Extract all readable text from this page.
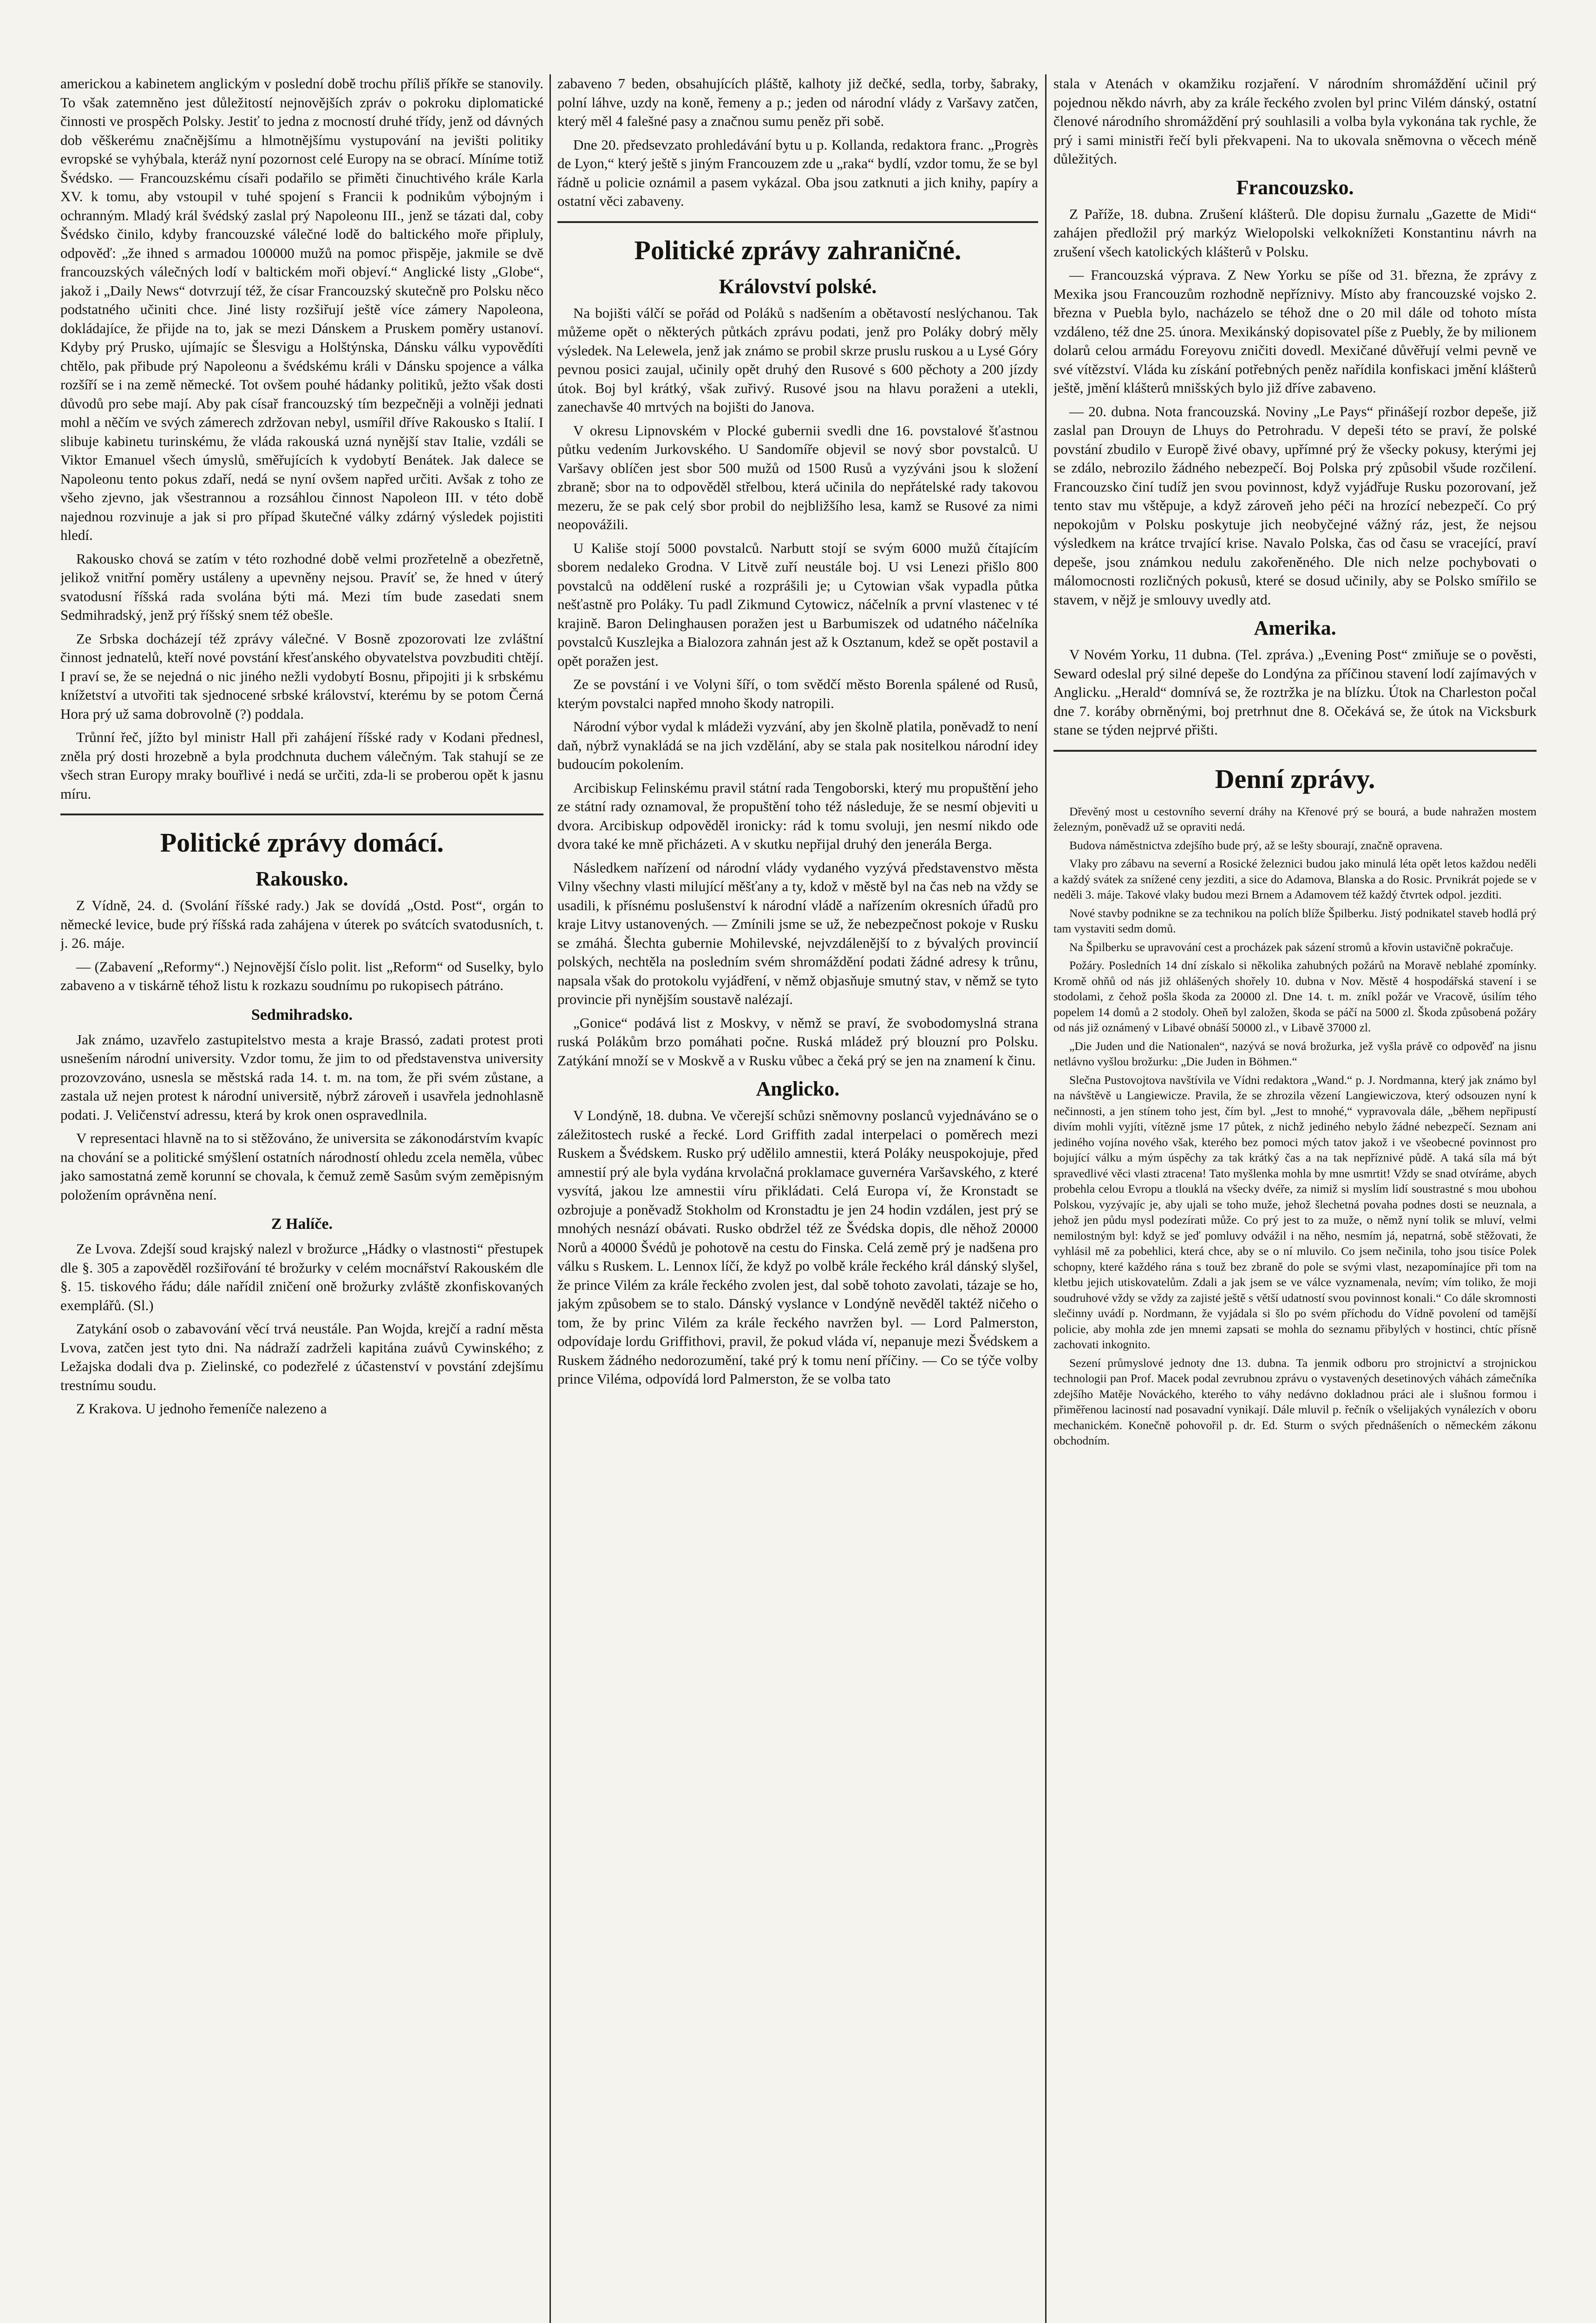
americkou a kabinetem anglickým v poslední době trochu příliš příkře se stanovily. To však zatemněno jest důležitostí nejnovějších zpráv o pokroku diplomatické činnosti ve prospěch Polsky. Jestiť to jedna z mocností druhé třídy, jenž od dávných dob věškerému značnějšímu a hlmotnějšímu vystupování na jevišti politiky evropské se vyhýbala, kteráž nyní pozornost celé Europy na se obrací. Míníme totiž Švédsko. — Francouzskému císaři podařilo se přiměti činuchtivého krále Karla XV. k tomu, aby vstoupil v tuhé spojení s Francii k podnikům výbojným i ochranným. Mladý král švédský zaslal prý Napoleonu III., jenž se tázati dal, coby Švédsko činilo, kdyby francouzské válečné lodě do baltického moře připluly, odpověď: „že ihned s armadou 100000 mužů na pomoc přispěje, jakmile se dvě francouzských válečných lodí v baltickém moři objeví.“ Anglické listy „Globe“, jakož i „Daily News“ dotvrzují též, že císar Francouzský skutečně pro Polsku něco podstatného učiniti chce. Jiné listy rozšiřují ještě více zámery Napoleona, dokládajíce, že přijde na to, jak se mezi Dánskem a Pruskem poměry ustanoví. Kdyby prý Prusko, ujímajíc se Šlesvigu a Holštýnska, Dánsku válku vypovědíti chtělo, pak přibude prý Napoleonu a švédskému králi v Dánsku spojence a válka rozšíří se i na země německé. Tot ovšem pouhé hádanky politiků, ježto však dosti důvodů pro sebe mají. Aby pak císař francouzský tím bezpečněji a volněji jednati mohl a něčím ve svých zámerech zdržovan nebyl, usmířil dříve Rakousko s Italií. I slibuje kabinetu turinskému, že vláda rakouská uzná nynější stav Italie, vzdáli se Viktor Emanuel všech úmyslů, směřujících k vydobytí Benátek. Jak dalece se Napoleonu tento pokus zdaří, nedá se nyní ovšem napřed určiti. Avšak z toho ze všeho zjevno, jak všestrannou a rozsáhlou činnost Napoleon III. v této době najednou rozvinuje a jak si pro případ škutečné války zdárný výsledek pojistiti hledí.

Rakousko chová se zatím v této rozhodné době velmi prozřetelně a obezřetně, jelikož vnitřní poměry ustáleny a upevněny nejsou. Pravíť se, že hned v úterý svatodusní říšská rada svolána býti má. Mezi tím bude zasedati snem Sedmihradský, jenž prý říšský snem též obešle.

Ze Srbska docházejí též zprávy válečné. V Bosně zpozorovati lze zvláštní činnost jednatelů, kteří nové povstání křesťanského obyvatelstva povzbuditi chtějí. I praví se, že se nejedná o nic jiného nežli vydobytí Bosnu, připojiti ji k srbskému knížetství a utvořiti tak sjednocené srbské království, kterému by se potom Černá Hora prý už sama dobrovolně (?) poddala.

Trůnní řeč, jížto byl ministr Hall při zahájení říšské rady v Kodani přednesl, zněla prý dosti hrozebně a byla prodchnuta duchem válečným. Tak stahují se ze všech stran Europy mraky bouřlivé i nedá se určiti, zda-li se proberou opět k jasnu míru.

Politické zprávy domácí.
Rakousko.

Z Vídně, 24. d. (Svolání říšské rady.) Jak se dovídá „Ostd. Post“, orgán to německé levice, bude prý říšská rada zahájena v úterek po svátcích svatodusních, t. j. 26. máje.

— (Zabavení „Reformy“.) Nejnovější číslo polit. list „Reform“ od Suselky, bylo zabaveno a v tiskárně téhož listu k rozkazu soudnímu po rukopisech pátráno.

Sedmihradsko.

Jak známo, uzavřelo zastupitelstvo mesta a kraje Brassó, zadati protest proti usnešením národní university. Vzdor tomu, že jim to od představenstva university prozovzováno, usnesla se městská rada 14. t. m. na tom, že při svém zůstane, a zastala už nejen protest k národní universitě, nýbrž zároveň i usavřela jednohlasně podati. J. Veličenství adressu, která by krok onen ospravedlnila.

V representaci hlavně na to si stěžováno, že universita se zákonodárstvím kvapíc na chování se a politické smýšlení ostatních národností ohledu zcela neměla, vůbec jako samostatná země korunní se chovala, k čemuž země Sasům svým zeměpisným položením oprávněna není.

Z Halíče.

Ze Lvova. Zdejší soud krajský nalezl v brožurce „Hádky o vlastnosti“ přestupek dle §. 305 a zapověděl rozšiřování té brožurky v celém mocnářství Rakouském dle §. 15. tiskového řádu; dále nařídil zničení oně brožurky zvláště zkonfiskovaných exemplářů. (Sl.)

Zatykání osob o zabavování věcí trvá neustále. Pan Wojda, krejčí a radní města Lvova, zatčen jest tyto dni. Na nádraží zadrželi kapitána zuávů Cywinského; z Ležajska dodali dva p. Zielinské, co podezřelé z účastenství v povstání zdejšímu trestnímu soudu.

Z Krakova. U jednoho řemeníče nalezeno a

zabaveno 7 beden, obsahujících pláště, kalhoty již dečké, sedla, torby, šabraky, polní láhve, uzdy na koně, řemeny a p.; jeden od národní vlády z Varšavy zatčen, který měl 4 falešné pasy a značnou sumu peněz při sobě.

Dne 20. předsevzato prohledávání bytu u p. Kollanda, redaktora franc. „Progrès de Lyon,“ který ještě s jiným Francouzem zde u „raka“ bydlí, vzdor tomu, že se byl řádně u policie oznámil a pasem vykázal. Oba jsou zatknuti a jich knihy, papíry a ostatní věci zabaveny.

Politické zprávy zahraničné.
Království polské.

Na bojišti válčí se pořád od Poláků s nadšením a obětavostí neslýchanou. Tak můžeme opět o některých půtkách zprávu podati, jenž pro Poláky dobrý měly výsledek. Na Lelewela, jenž jak známo se probil skrze pruslu ruskou a u Lysé Góry pevnou posici zaujal, učinily opět druhý den Rusové s 600 pěchoty a 200 jízdy útok. Boj byl krátký, však zuřivý. Rusové jsou na hlavu poraženi a utekli, zanechavše 40 mrtvých na bojišti do Janova.

V okresu Lipnovském v Plocké gubernii svedli dne 16. povstalové šťastnou půtku vedením Jurkovského. U Sandomíře objevil se nový sbor povstalců. U Varšavy oblíčen jest sbor 500 mužů od 1500 Rusů a vyzýváni jsou k složení zbraně; sbor na to odpověděl střelbou, která učinila do nepřátelské rady takovou mezeru, že se pak celý sbor probil do nejbližšího lesa, kamž se Rusové za nimi neopovážili.

U Kališe stojí 5000 povstalců. Narbutt stojí se svým 6000 mužů čítajícím sborem nedaleko Grodna. V Litvě zuří neustále boj. U vsi Lenezi přišlo 800 povstalců na oddělení ruské a rozprášili je; u Cytowian však vypadla půtka nešťastně pro Poláky. Tu padl Zikmund Cytowicz, náčelník a první vlastenec v té krajině. Baron Delinghausen poražen jest u Barbumiszek od udatného náčelníka povstalců Kuszlejka a Bialozora zahnán jest až k Osztanum, kdež se opět postavil a opět poražen jest.

Ze se povstání i ve Volyni šíří, o tom svědčí město Borenla spálené od Rusů, kterým povstalci napřed mnoho škody natropili.

Národní výbor vydal k mládeži vyzvání, aby jen školně platila, poněvadž to není daň, nýbrž vynakládá se na jich vzdělání, aby se stala pak nositelkou národní idey budoucím pokolením.

Arcibiskup Felinskému pravil státní rada Tengoborski, který mu propuštění jeho ze státní rady oznamoval, že propuštění toho též následuje, že se nesmí objeviti u dvora. Arcibiskup odpověděl ironicky: rád k tomu svoluji, jen nesmí nikdo ode dvora také ke mně přicházeti. A v skutku nepřijal druhý den jenerála Berga.

Následkem nařízení od národní vlády vydaného vyzývá představenstvo města Vilny všechny vlasti milující měšťany a ty, kdož v městě byl na čas neb na vždy se usadili, k přísnému poslušenství k národní vládě a nařízením okresních úřadů pro kraje Litvy ustanovených. — Zmínili jsme se už, že nebezpečnost pokoje v Rusku se zmáhá. Šlechta gubernie Mohilevské, nejvzdálenější to z bývalých provincií polských, nechtěla na posledním svém shromáždění podati žádné adresy k trůnu, napsala však do protokolu vyjádření, v němž objasňuje smutný stav, v němž se tyto provincie při nynějším soustavě nalézají.

„Gonice“ podává list z Moskvy, v němž se praví, že svobodomyslná strana ruská Polákům brzo pomáhati počne. Ruská mládež prý blouzní pro Polsku. Zatýkání množí se v Moskvě a v Rusku vůbec a čeká prý se jen na znamení k činu.

Anglicko.

V Londýně, 18. dubna. Ve včerejší schůzi sněmovny poslanců vyjednáváno se o záležitostech ruské a řecké. Lord Griffith zadal interpelaci o poměrech mezi Ruskem a Švédskem. Rusko prý udělilo amnestii, která Poláky neuspokojuje, před amnestií prý ale byla vydána krvolačná proklamace guvernéra Varšavského, z které vysvítá, jakou lze amnestii víru přikládati. Celá Europa ví, že Kronstadt se ozbrojuje a poněvadž Stokholm od Kronstadtu je jen 24 hodin vzdálen, jest prý se mnohých nesnází obávati. Rusko obdržel též ze Švédska dopis, dle něhož 20000 Norů a 40000 Švédů je pohotově na cestu do Finska. Celá země prý je nadšena pro válku s Ruskem. L. Lennox líčí, že když po volbě krále řeckého král dánský slyšel, že prince Vilém za krále řeckého zvolen jest, dal sobě tohoto zavolati, tázaje se ho, jakým způsobem se to stalo. Dánský vyslance v Londýně nevěděl taktéž ničeho o tom, že by princ Vilém za krále řeckého navržen byl. — Lord Palmerston, odpovídaje lordu Griffithovi, pravil, že pokud vláda ví, nepanuje mezi Švédskem a Ruskem žádného nedorozumění, také prý k tomu není příčiny. — Co se týče volby prince Viléma, odpovídá lord Palmerston, že se volba tato

stala v Atenách v okamžiku rozjaření. V národním shromáždění učinil prý pojednou někdo návrh, aby za krále řeckého zvolen byl princ Vilém dánský, ostatní členové národního shromáždění prý souhlasili a volba byla vykonána tak rychle, že prý i sami ministři řečí byli překvapeni. Na to ukovala sněmovna o věcech méně důležitých.

Francouzsko.

Z Paříže, 18. dubna. Zrušení klášterů. Dle dopisu žurnalu „Gazette de Midi“ zahájen předložil prý markýz Wielopolski velkoknížeti Konstantinu návrh na zrušení všech katolických klášterů v Polsku.

— Francouzská výprava. Z New Yorku se píše od 31. března, že zprávy z Mexika jsou Francouzům rozhodně nepříznivy. Místo aby francouzské vojsko 2. března v Puebla bylo, nacházelo se téhož dne o 20 mil dále od tohoto místa vzdáleno, též dne 25. února. Mexikánský dopisovatel píše z Puebly, že by milionem dolarů celou armádu Foreyovu zničiti dovedl. Mexičané důvěřují velmi pevně ve své vítězství. Vláda ku získání potřebných peněz nařídila konfiskaci jmění klášterů ještě, jmění klášterů mnišských bylo již dříve zabaveno.

— 20. dubna. Nota francouzská. Noviny „Le Pays“ přinášejí rozbor depeše, již zaslal pan Drouyn de Lhuys do Petrohradu. V depeši této se praví, že polské povstání zbudilo v Europě živé obavy, upřímné prý že všecky pokusy, kterými jej se zdálo, nebrozilo žádného nebezpečí. Boj Polska prý způsobil všude rozčilení. Francouzsko činí tudíž jen svou povinnost, když vyjádřuje Rusku pozorovaní, jež tento stav mu vštěpuje, a když zároveň jeho péči na hrozící nebezpečí. Co prý nepokojům v Polsku poskytuje jich neobyčejné vážný ráz, jest, že nejsou výsledkem na krátce trvající krise. Navalo Polska, čas od času se vracející, praví depeše, jsou známkou nedulu zakořeněného. Dle nich nelze pochybovati o málomocnosti rozličných pokusů, které se dosud učinily, aby se Polsko smířilo se stavem, v nějž je smlouvy uvedly atd.

Amerika.

V Novém Yorku, 11 dubna. (Tel. zpráva.) „Evening Post“ zmiňuje se o pověsti, Seward odeslal prý silné depeše do Londýna za příčinou stavení lodí zajímavých v Anglicku. „Herald“ domnívá se, že roztržka je na blízku. Útok na Charleston počal dne 7. koráby obrněnými, boj pretrhnut dne 8. Očekává se, že útok na Vicksburk stane se týden nejprvé přišti.

Denní zprávy.

Dřevěný most u cestovního severní dráhy na Křenové prý se bourá, a bude nahražen mostem železným, poněvadž už se opraviti nedá.

Budova náměstnictva zdejšího bude prý, až se lešty sbourají, značně opravena.

Vlaky pro zábavu na severní a Rosické železnici budou jako minulá léta opět letos každou neděli a každý svátek za snížené ceny jezditi, a sice do Adamova, Blanska a do Rosic. Prvnikrát pojede se v neděli 3. máje. Takové vlaky budou mezi Brnem a Adamovem též každý čtvrtek odpol. jezditi.

Nové stavby podnikne se za technikou na polích blíže Špilberku. Jistý podnikatel staveb hodlá prý tam vystaviti sedm domů.

Na Špilberku se upravování cest a procházek pak sázení stromů a křovin ustavičně pokračuje.

Požáry. Posledních 14 dní získalo si několika zahubných požárů na Moravě neblahé zpomínky. Kromě ohňů od nás již ohlášených shořely 10. dubna v Nov. Městě 4 hospodářská stavení i se stodolami, z čehož pošla škoda za 20000 zl. Dne 14. t. m. zníkl požár ve Vracově, úsilím tého popelem 14 domů a 2 stodoly. Oheň byl založen, škoda se páčí na 5000 zl. Škoda způsobená požáry od nás již oznámený v Libavé obnáší 50000 zl., v Libavě 37000 zl.

„Die Juden und die Nationalen“, nazývá se nová brožurka, jež vyšla právě co odpověď na jisnu netlávno vyšlou brožurku: „Die Juden in Böhmen.“

Slečna Pustovojtova navštívila ve Vídni redaktora „Wand.“ p. J. Nordmanna, který jak známo byl na návštěvě u Langiewicze. Pravila, že se zhrozila vězení Langiewiczova, který odsouzen nyní k nečinnosti, a jen stínem toho jest, čím byl. „Jest to mnohé,“ vypravovala dále, „během nepřipustí divím mohli vyjíti, vítězně jsme 17 půtek, z nichž jediného nebylo žádné nebezpečí. Seznam ani jediného vojína nového však, kterého bez pomoci mých tatov jakož i ve všeobecné povinnost pro bojující válku a mým úspěchy za tak krátký čas a na tak nepříznivé půdě. A taká síla má být spravedlivé věci vlasti ztracena! Tato myšlenka mohla by mne usmrtit! Vždy se snad otvíráme, abych probehla celou Evropu a tlouklá na všecky dvéře, za nimiž si myslím lidí soustrastné s mou ubohou Polskou, vyzývajíc je, aby ujali se toho muže, jehož šlechetná povaha podnes dosti se neuznala, a jehož jen půdu mysl podezírati může. Co prý jest to za muže, o němž nyní tolik se mluví, velmi nemilostným byl: když se jeď pomluvy odvážil i na něho, nesmím já, nepatrná, sobě stěžovati, že vyhlásil mě za pobehlici, která chce, aby se o ní mluvilo. Co jsem nečinila, toho jsou tisíce Polek schopny, které každého rána s touž bez zbraně do pole se svými vlast, nezapomínajíce při tom na kletbu jejich utiskovatelům. Zdali a jak jsem se ve válce vyznamenala, nevím; vím toliko, že moji soudruhové vždy se vždy za zajisté ještě s větší udatností svou povinnost konali.“ Co dále skromnosti slečinny uvádí p. Nordmann, že vyjádala si šlo po svém příchodu do Vídně povolení od tamější policie, aby mohla zde jen mnemi zapsati se mohla do seznamu přibylých v hostinci, chtíc přísně zachovati inkognito.

Sezení průmyslové jednoty dne 13. dubna. Ta jenmik odboru pro strojnictví a strojnickou technologii pan Prof. Macek podal zevrubnou zprávu o vystavených desetinových váhách zámečníka zdejšího Matěje Nováckého, kterého to váhy nedávno dokladnou práci ale i slušnou formou i přiměřenou laciností nad posavadní vynikají. Dále mluvil p. řečník o všelijakých vynálezích v oboru mechanickém. Konečně pohovořil p. dr. Ed. Sturm o svých přednášeních o německém zákonu obchodním.
